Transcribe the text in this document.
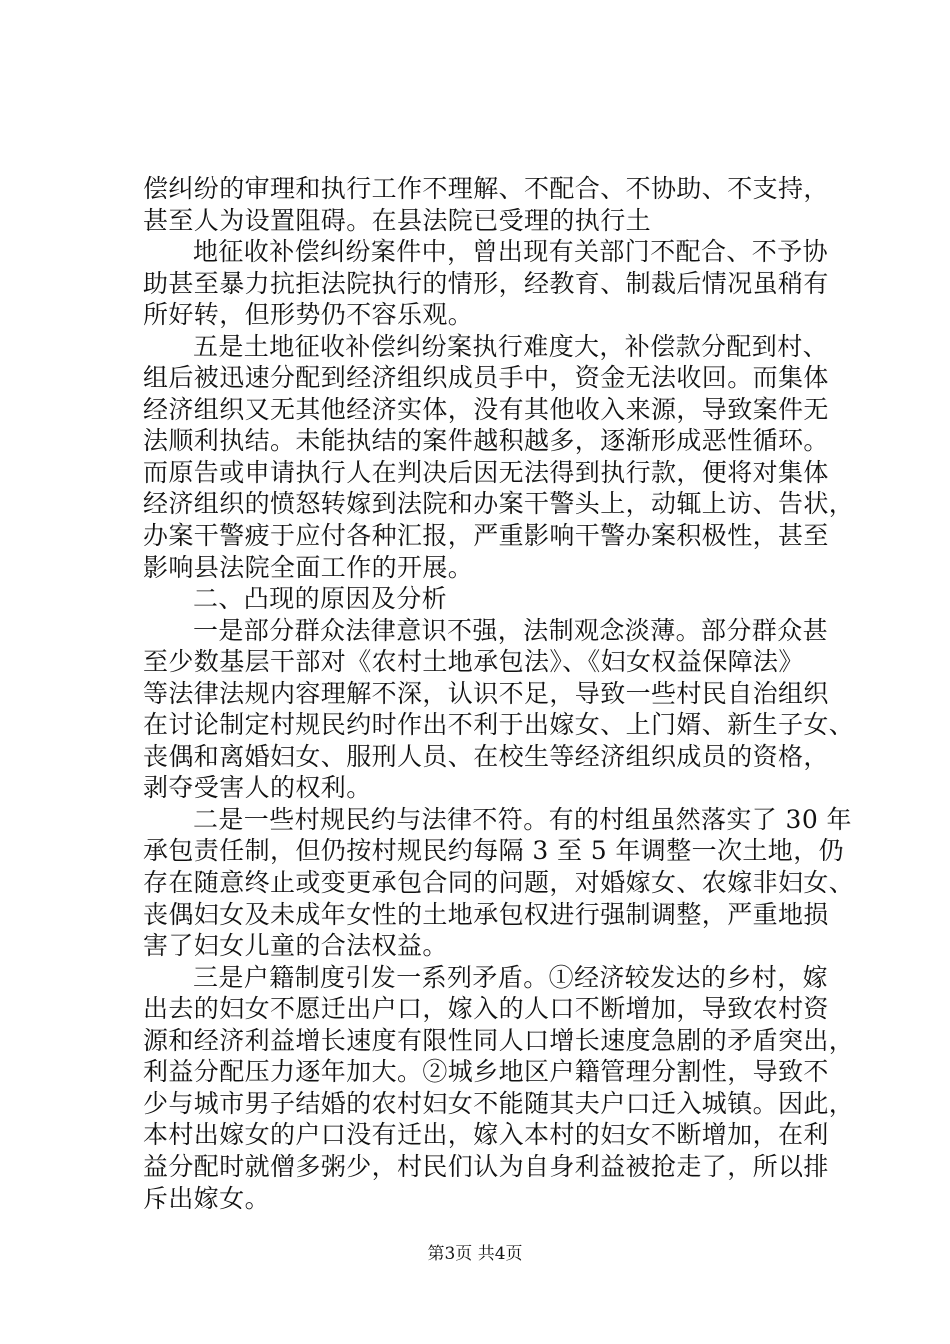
偿纠纷的审理和执行工作不理解、不配合、不协助、不支持，
甚至人为设置阻碍。在县法院已受理的执行土
地征收补偿纠纷案件中，曾出现有关部门不配合、不予协
助甚至暴力抗拒法院执行的情形，经教育、制裁后情况虽稍有
所好转，但形势仍不容乐观。
五是土地征收补偿纠纷案执行难度大，补偿款分配到村、
组后被迅速分配到经济组织成员手中，资金无法收回。而集体
经济组织又无其他经济实体，没有其他收入来源，导致案件无
法顺利执结。未能执结的案件越积越多，逐渐形成恶性循环。
而原告或申请执行人在判决后因无法得到执行款，便将对集体
经济组织的愤怒转嫁到法院和办案干警头上，动辄上访、告状，
办案干警疲于应付各种汇报，严重影响干警办案积极性，甚至
影响县法院全面工作的开展。
二、凸现的原因及分析
一是部分群众法律意识不强，法制观念淡薄。部分群众甚
至少数基层干部对《农村土地承包法》、《妇女权益保障法》
等法律法规内容理解不深，认识不足，导致一些村民自治组织
在讨论制定村规民约时作出不利于出嫁女、上门婿、新生子女、
丧偶和离婚妇女、服刑人员、在校生等经济组织成员的资格，
剥夺受害人的权利。
二是一些村规民约与法律不符。有的村组虽然落实了 30 年
承包责任制，但仍按村规民约每隔 3 至 5 年调整一次土地，仍
存在随意终止或变更承包合同的问题，对婚嫁女、农嫁非妇女、
丧偶妇女及未成年女性的土地承包权进行强制调整，严重地损
害了妇女儿童的合法权益。
三是户籍制度引发一系列矛盾。①经济较发达的乡村，嫁
出去的妇女不愿迁出户口，嫁入的人口不断增加，导致农村资
源和经济利益增长速度有限性同人口增长速度急剧的矛盾突出，
利益分配压力逐年加大。②城乡地区户籍管理分割性，导致不
少与城市男子结婚的农村妇女不能随其夫户口迁入城镇。因此，
本村出嫁女的户口没有迁出，嫁入本村的妇女不断增加，在利
益分配时就僧多粥少，村民们认为自身利益被抢走了，所以排
斥出嫁女。
第3页 共4页
